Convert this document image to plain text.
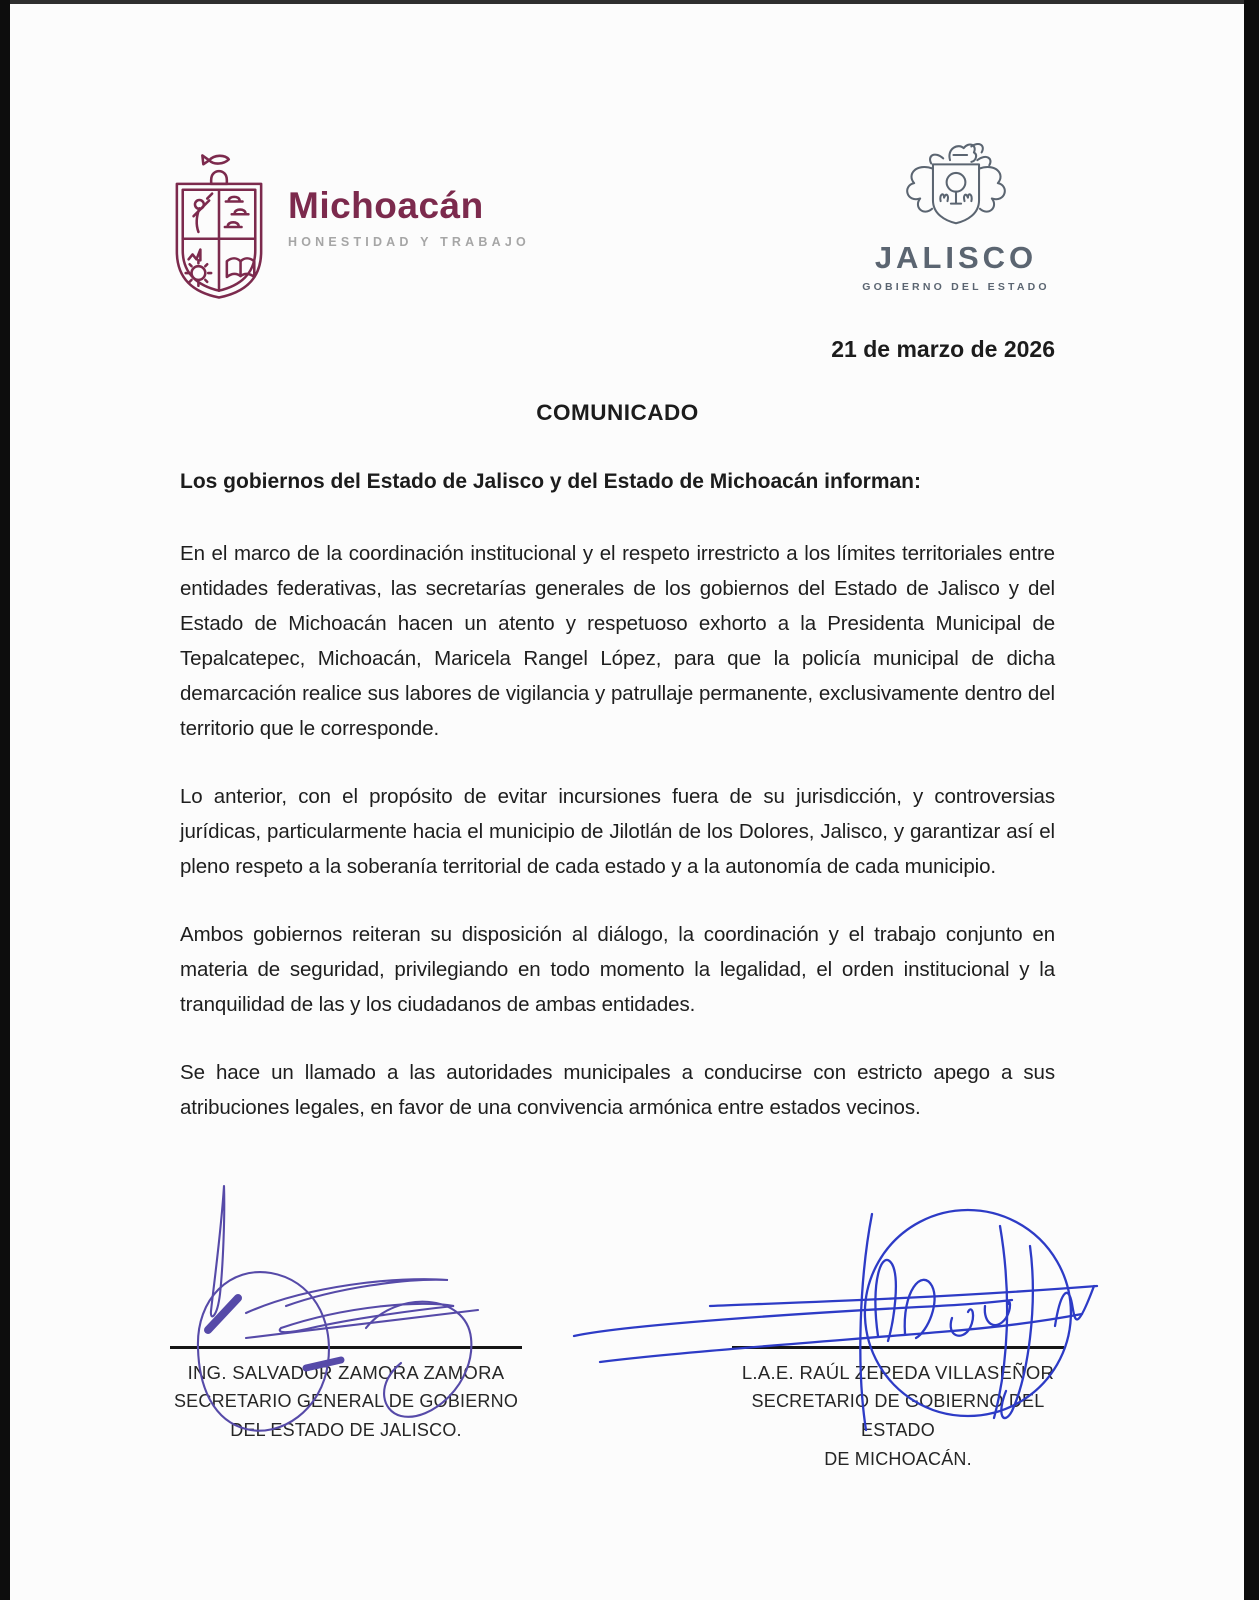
Michoacán
HONESTIDAD Y TRABAJO	JALISCO
GOBIERNO DEL ESTADO
21 de marzo de 2026
COMUNICADO

Los gobiernos del Estado de Jalisco y del Estado de Michoacán informan:

En el marco de la coordinación institucional y el respeto irrestricto a los límites territoriales entre entidades federativas, las secretarías generales de los gobiernos del Estado de Jalisco y del Estado de Michoacán hacen un atento y respetuoso exhorto a la Presidenta Municipal de Tepalcatepec, Michoacán, Maricela Rangel López, para que la policía municipal de dicha demarcación realice sus labores de vigilancia y patrullaje permanente, exclusivamente dentro del territorio que le corresponde.

Lo anterior, con el propósito de evitar incursiones fuera de su jurisdicción, y controversias jurídicas, particularmente hacia el municipio de Jilotlán de los Dolores, Jalisco, y garantizar así el pleno respeto a la soberanía territorial de cada estado y a la autonomía de cada municipio.

Ambos gobiernos reiteran su disposición al diálogo, la coordinación y el trabajo conjunto en materia de seguridad, privilegiando en todo momento la legalidad, el orden institucional y la tranquilidad de las y los ciudadanos de ambas entidades.

Se hace un llamado a las autoridades municipales a conducirse con estricto apego a sus atribuciones legales, en favor de una convivencia armónica entre estados vecinos.

ING. SALVADOR ZAMORA ZAMORA
SECRETARIO GENERAL DE GOBIERNO
DEL ESTADO DE JALISCO.
L.A.E. RAÚL ZEPEDA VILLASEÑOR
SECRETARIO DE GOBIERNO DEL ESTADO
DE MICHOACÁN.
